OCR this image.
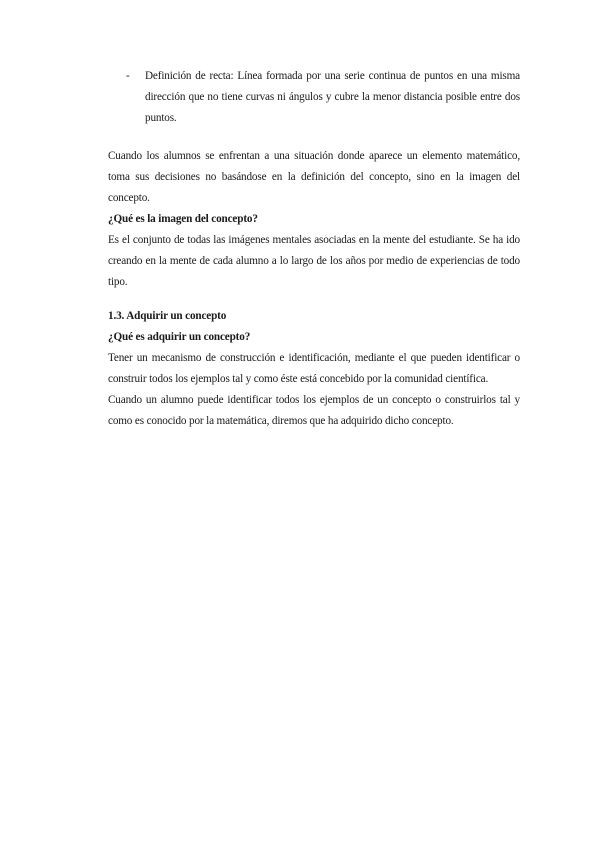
-	Definición de recta: Línea formada por una serie continua de puntos en una misma dirección que no tiene curvas ni ángulos y cubre la menor distancia posible entre dos puntos.

Cuando los alumnos se enfrentan a una situación donde aparece un elemento matemático, toma sus decisiones no basándose en la definición del concepto, sino en la imagen del concepto.

¿Qué es la imagen del concepto?

Es el conjunto de todas las imágenes mentales asociadas en la mente del estudiante. Se ha ido creando en la mente de cada alumno a lo largo de los años por medio de experiencias de todo tipo.

1.3. Adquirir un concepto

¿Qué es adquirir un concepto?

Tener un mecanismo de construcción e identificación, mediante el que pueden identificar o construir todos los ejemplos tal y como éste está concebido por la comunidad científica.

Cuando un alumno puede identificar todos los ejemplos de un concepto o construirlos tal y como es conocido por la matemática, diremos que ha adquirido dicho concepto.
